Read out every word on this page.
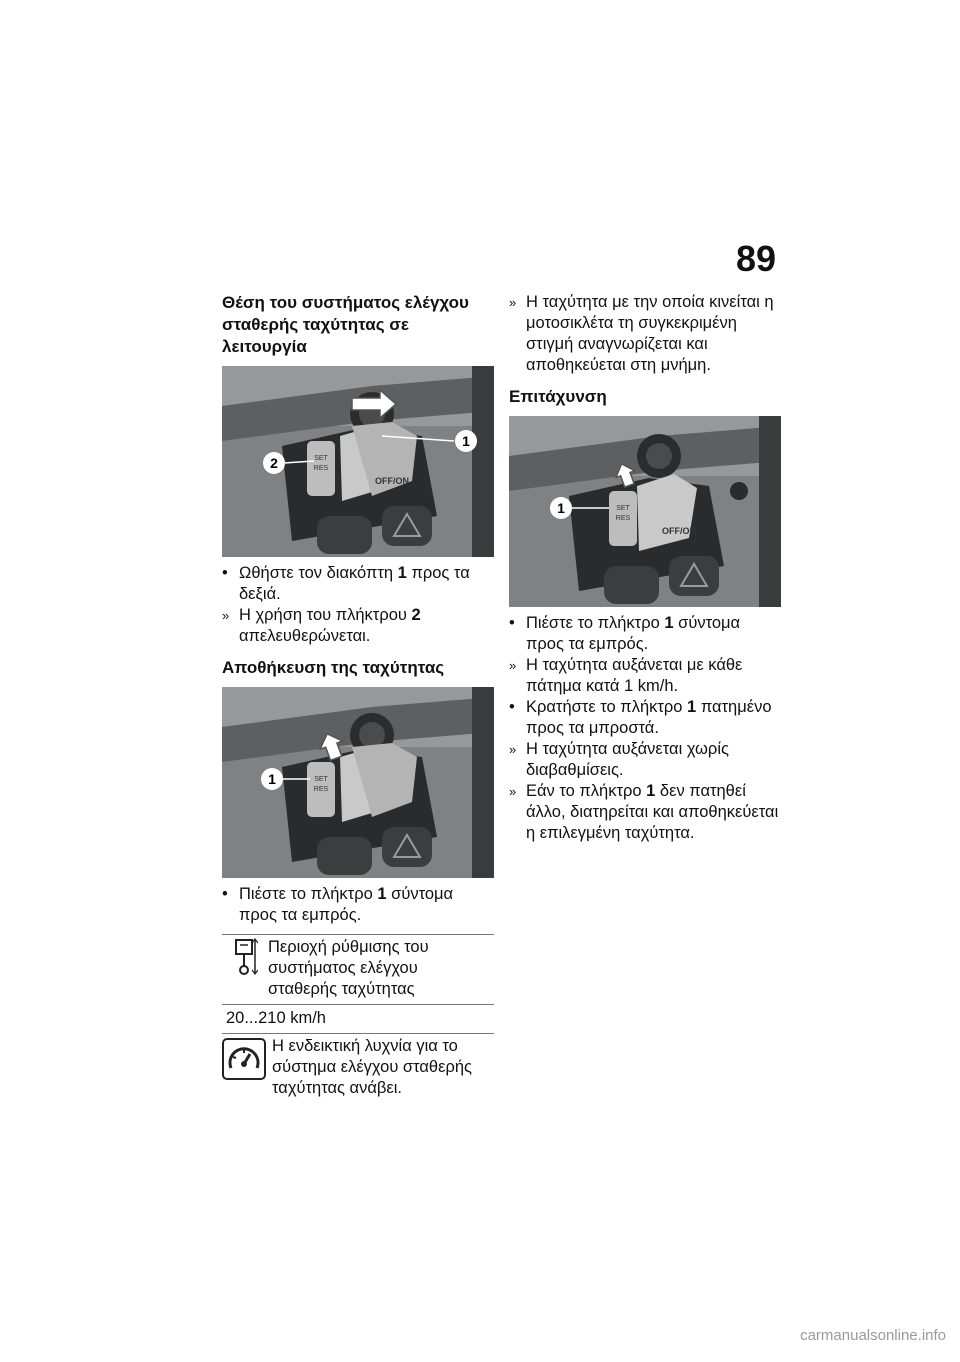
89
Θέση του συστήματος ελέγχου σταθερής ταχύτητας σε λειτουργία
SET
RES
OFF/ON
1
2
• Ωθήστε τον διακόπτη 1 προς τα δεξιά.
» Η χρήση του πλήκτρου 2 απελευθερώνεται.
Αποθήκευση της ταχύτητας
SET
RES
1
• Πιέστε το πλήκτρο 1 σύντομα προς τα εμπρός.
Περιοχή ρύθμισης του συστήματος ελέγχου σταθερής ταχύτητας
20...210 km/h
Η ενδεικτική λυχνία για το σύστημα ελέγχου σταθερής ταχύτητας ανάβει.
» Η ταχύτητα με την οποία κινείται η μοτοσικλέτα τη συγκεκριμένη στιγμή αναγνωρίζεται και αποθηκεύεται στη μνήμη.
Επιτάχυνση
SET
RES
OFF/ON
1
• Πιέστε το πλήκτρο 1 σύντομα προς τα εμπρός.
» Η ταχύτητα αυξάνεται με κάθε πάτημα κατά 1 km/h.
• Κρατήστε το πλήκτρο 1 πατημένο προς τα μπροστά.
» Η ταχύτητα αυξάνεται χωρίς διαβαθμίσεις.
» Εάν το πλήκτρο 1 δεν πατηθεί άλλο, διατηρείται και αποθηκεύεται η επιλεγμένη ταχύτητα.
carmanualsonline.info
